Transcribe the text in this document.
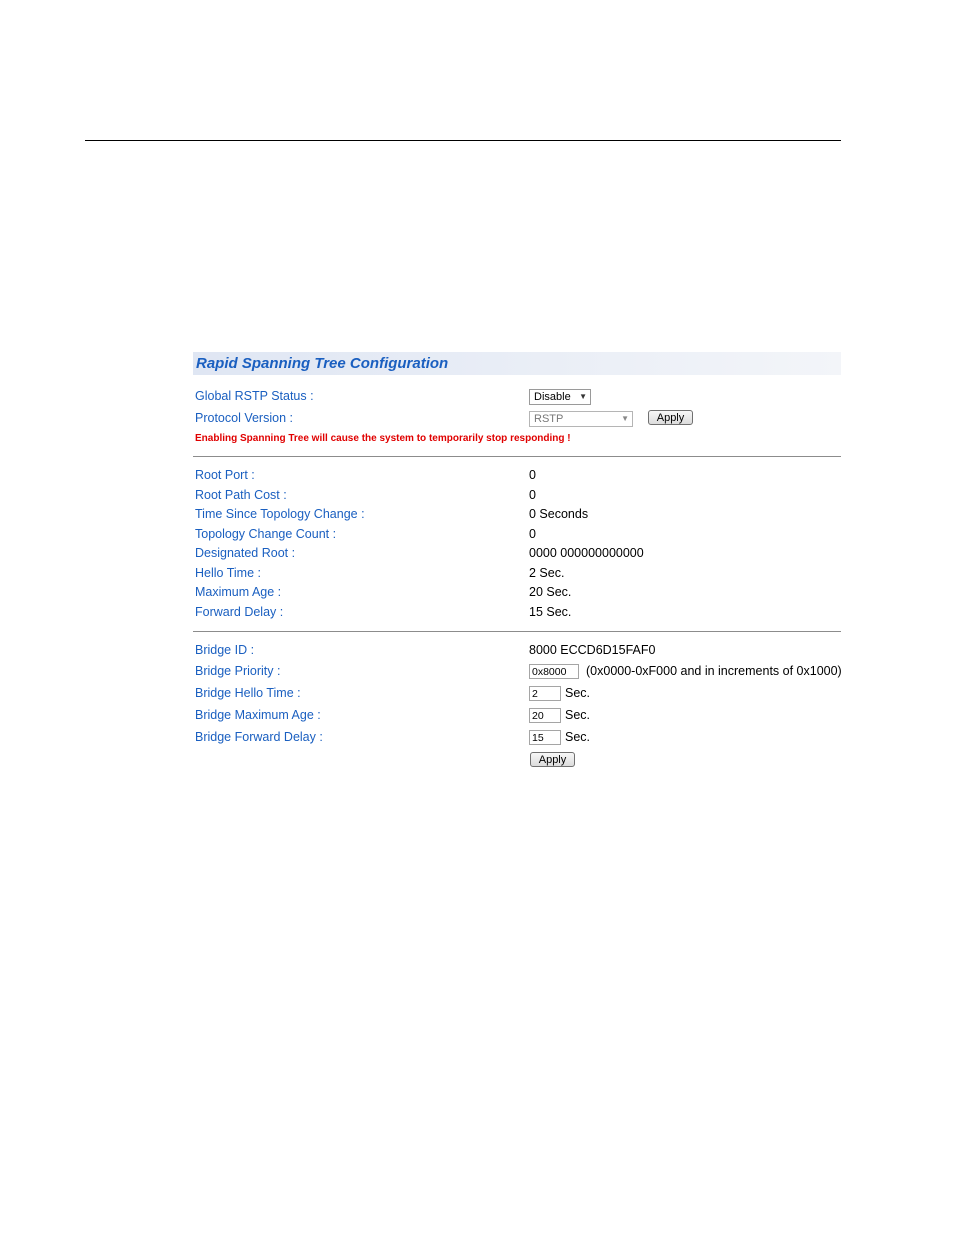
Rapid Spanning Tree Configuration
Global RSTP Status :	Disable ▼
Protocol Version :	RSTP	▼	Apply
Enabling Spanning Tree will cause the system to temporarily stop responding !
Root Port :	0
Root Path Cost :	0
Time Since Topology Change :	0 Seconds
Topology Change Count :	0
Designated Root :	0000 000000000000
Hello Time :	2 Sec.
Maximum Age :	20 Sec.
Forward Delay :	15 Sec.
Bridge ID :	8000 ECCD6D15FAF0
Bridge Priority :	0x8000	(0x0000-0xF000 and in increments of 0x1000)
Bridge Hello Time :	2	Sec.
Bridge Maximum Age :	20	Sec.
Bridge Forward Delay :	15	Sec.
Apply
